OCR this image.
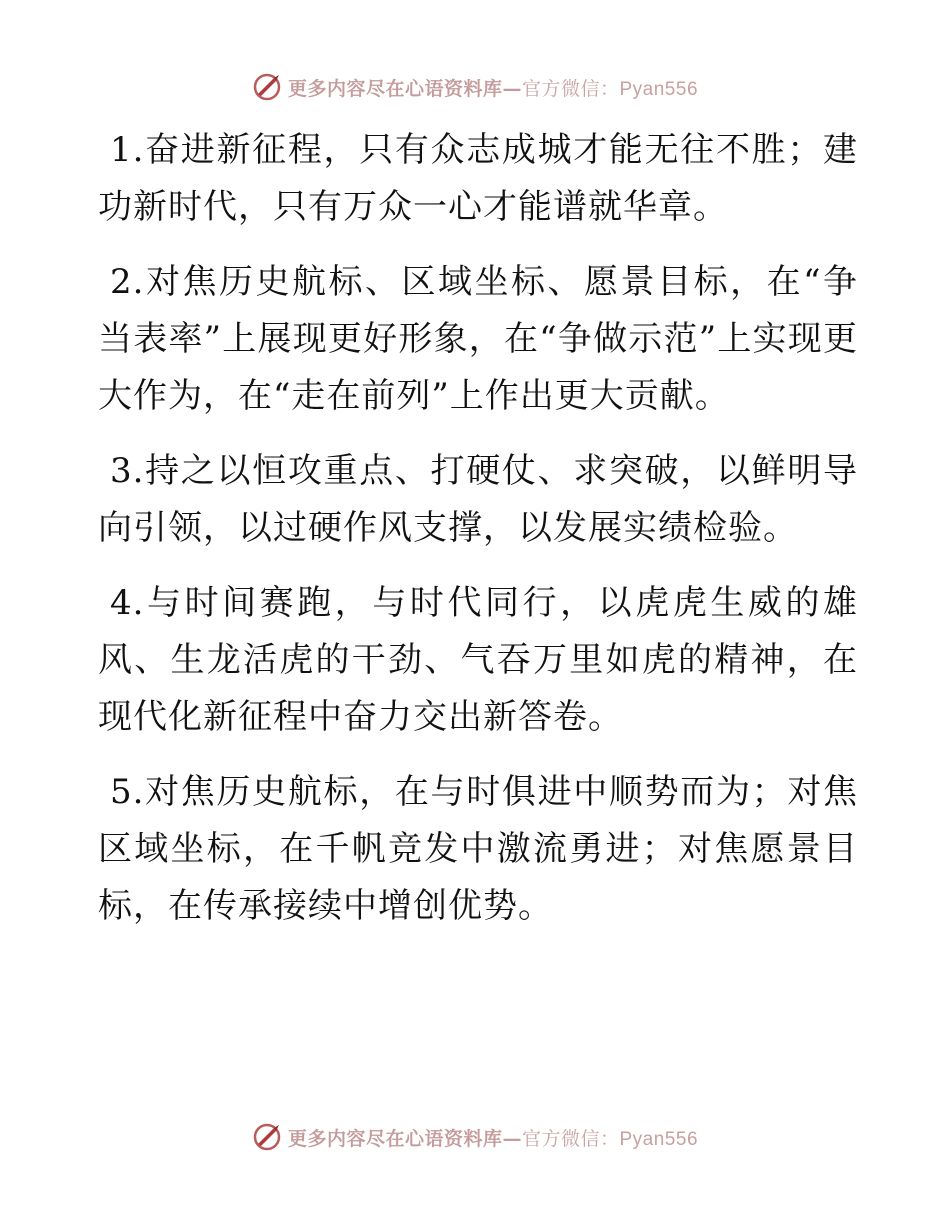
更多内容尽在心语资料库—官方微信：Pyan556

1.奋进新征程，只有众志成城才能无往不胜；建功新时代，只有万众一心才能谱就华章。

2.对焦历史航标、区域坐标、愿景目标，在“争当表率”上展现更好形象，在“争做示范”上实现更大作为，在“走在前列”上作出更大贡献。

3.持之以恒攻重点、打硬仗、求突破，以鲜明导向引领，以过硬作风支撑，以发展实绩检验。

4.与时间赛跑，与时代同行，以虎虎生威的雄风、生龙活虎的干劲、气吞万里如虎的精神，在现代化新征程中奋力交出新答卷。

5.对焦历史航标，在与时俱进中顺势而为；对焦区域坐标，在千帆竞发中激流勇进；对焦愿景目标，在传承接续中增创优势。

更多内容尽在心语资料库—官方微信：Pyan556
